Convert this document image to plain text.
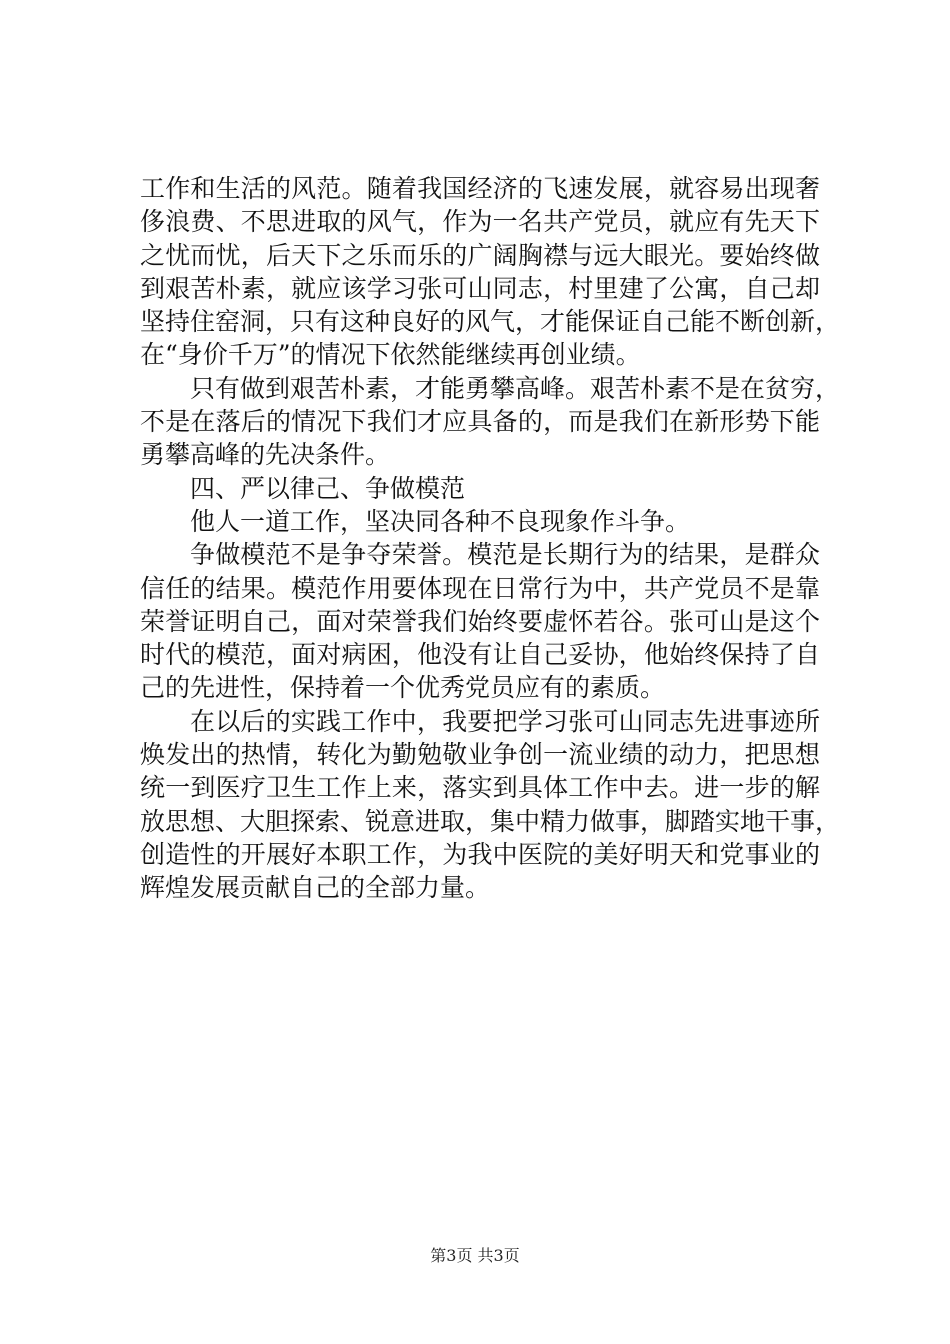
工作和生活的风范。随着我国经济的飞速发展，就容易出现奢
侈浪费、不思进取的风气，作为一名共产党员，就应有先天下
之忧而忧，后天下之乐而乐的广阔胸襟与远大眼光。要始终做
到艰苦朴素，就应该学习张可山同志，村里建了公寓，自己却
坚持住窑洞，只有这种良好的风气，才能保证自己能不断创新，
在“身价千万”的情况下依然能继续再创业绩。
只有做到艰苦朴素，才能勇攀高峰。艰苦朴素不是在贫穷，
不是在落后的情况下我们才应具备的，而是我们在新形势下能
勇攀高峰的先决条件。
四、严以律己、争做模范
他人一道工作，坚决同各种不良现象作斗争。
争做模范不是争夺荣誉。模范是长期行为的结果，是群众
信任的结果。模范作用要体现在日常行为中，共产党员不是靠
荣誉证明自己，面对荣誉我们始终要虚怀若谷。张可山是这个
时代的模范，面对病困，他没有让自己妥协，他始终保持了自
己的先进性，保持着一个优秀党员应有的素质。
在以后的实践工作中，我要把学习张可山同志先进事迹所
焕发出的热情，转化为勤勉敬业争创一流业绩的动力，把思想
统一到医疗卫生工作上来，落实到具体工作中去。进一步的解
放思想、大胆探索、锐意进取，集中精力做事，脚踏实地干事，
创造性的开展好本职工作，为我中医院的美好明天和党事业的
辉煌发展贡献自己的全部力量。
第3页 共3页
